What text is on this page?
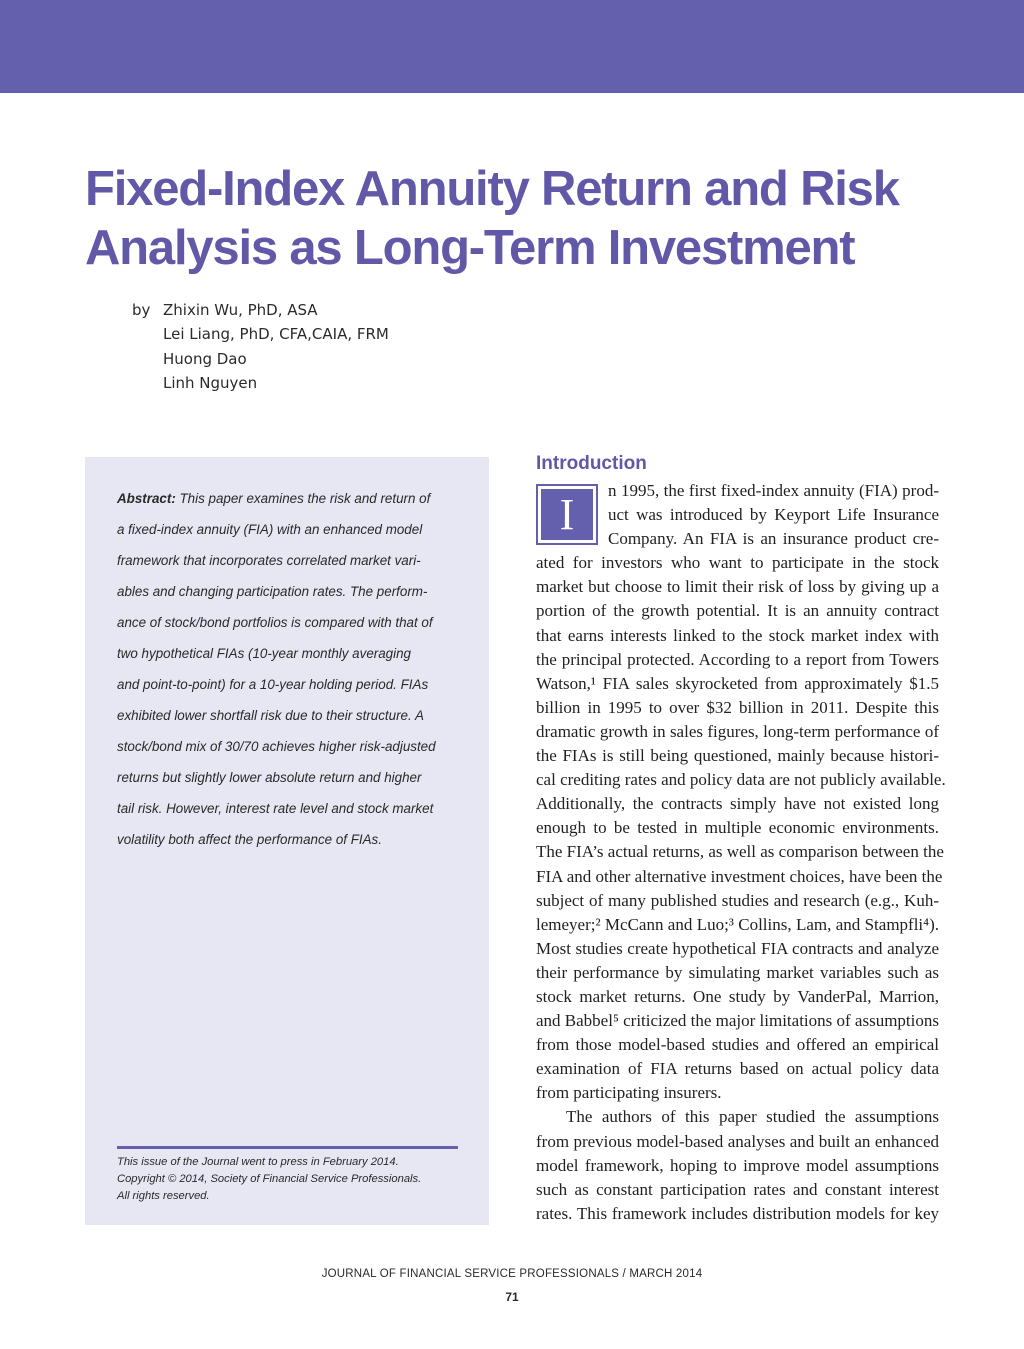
Fixed-Index Annuity Return and Risk
Analysis as Long-Term Investment
by Zhixin Wu, PhD, ASA
Lei Liang, PhD, CFA,CAIA, FRM
Huong Dao
Linh Nguyen
Abstract: This paper examines the risk and return of
a fixed-index annuity (FIA) with an enhanced model
framework that incorporates correlated market vari-
ables and changing participation rates. The perform-
ance of stock/bond portfolios is compared with that of
two hypothetical FIAs (10-year monthly averaging
and point-to-point) for a 10-year holding period. FIAs
exhibited lower shortfall risk due to their structure. A
stock/bond mix of 30/70 achieves higher risk-adjusted
returns but slightly lower absolute return and higher
tail risk. However, interest rate level and stock market
volatility both affect the performance of FIAs.
This issue of the Journal went to press in February 2014.
Copyright © 2014, Society of Financial Service Professionals.
All rights reserved.
Introduction
I	n 1995, the first fixed-index annuity (FIA) prod-
uct was introduced by Keyport Life Insurance
Company. An FIA is an insurance product cre-
ated for investors who want to participate in the stock
market but choose to limit their risk of loss by giving up a
portion of the growth potential. It is an annuity contract
that earns interests linked to the stock market index with
the principal protected. According to a report from Towers
Watson,¹ FIA sales skyrocketed from approximately $1.5
billion in 1995 to over $32 billion in 2011. Despite this
dramatic growth in sales figures, long-term performance of
the FIAs is still being questioned, mainly because histori-
cal crediting rates and policy data are not publicly available.
Additionally, the contracts simply have not existed long
enough to be tested in multiple economic environments.
The FIA’s actual returns, as well as comparison between the
FIA and other alternative investment choices, have been the
subject of many published studies and research (e.g., Kuh-
lemeyer;² McCann and Luo;³ Collins, Lam, and Stampfli⁴).
Most studies create hypothetical FIA contracts and analyze
their performance by simulating market variables such as
stock market returns. One study by VanderPal, Marrion,
and Babbel⁵ criticized the major limitations of assumptions
from those model-based studies and offered an empirical
examination of FIA returns based on actual policy data
from participating insurers.
The authors of this paper studied the assumptions
from previous model-based analyses and built an enhanced
model framework, hoping to improve model assumptions
such as constant participation rates and constant interest
rates. This framework includes distribution models for key
JOURNAL OF FINANCIAL SERVICE PROFESSIONALS / MARCH 2014
71
